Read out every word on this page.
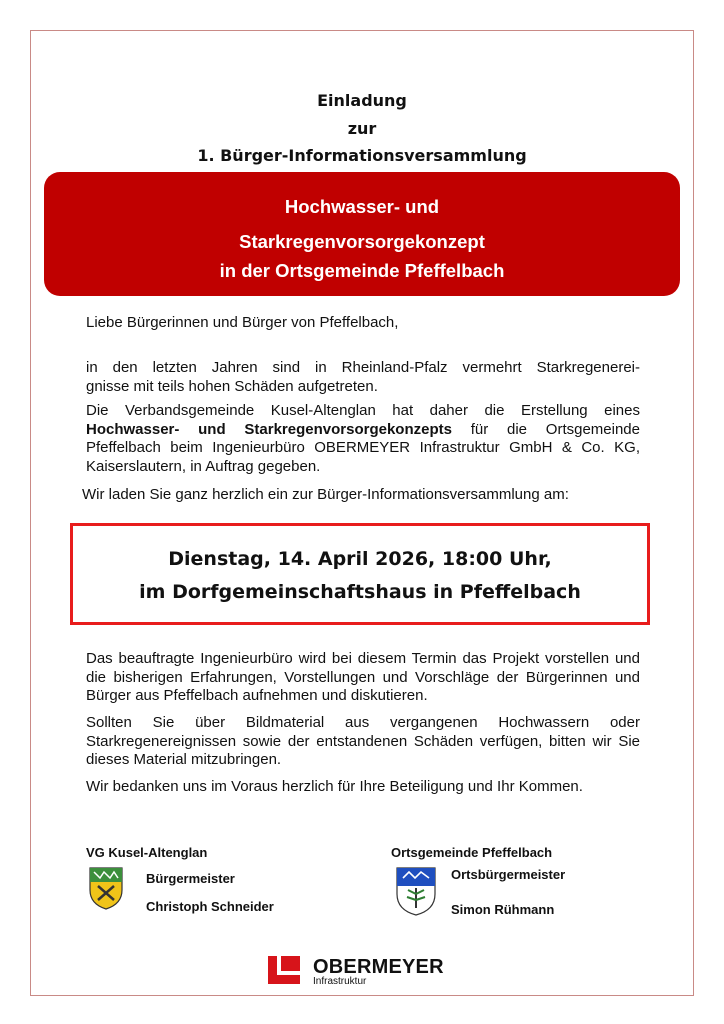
Einladung
zur
1. Bürger-Informationsversammlung
Hochwasser- und
Starkregenvorsorgekonzept
in der Ortsgemeinde Pfeffelbach
Liebe Bürgerinnen und Bürger von Pfeffelbach,
in den letzten Jahren sind in Rheinland-Pfalz vermehrt Starkregenerei-
gnisse mit teils hohen Schäden aufgetreten.
Die Verbandsgemeinde Kusel-Altenglan hat daher die Erstellung eines Hochwasser- und Starkregenvorsorgekonzepts für die Ortsgemeinde Pfeffelbach beim Ingenieurbüro OBERMEYER Infrastruktur GmbH & Co. KG, Kaiserslautern, in Auftrag gegeben.
Wir laden Sie ganz herzlich ein zur Bürger-Informationsversammlung am:
Dienstag, 14. April 2026, 18:00 Uhr,
im Dorfgemeinschaftshaus in Pfeffelbach
Das beauftragte Ingenieurbüro wird bei diesem Termin das Projekt vorstellen und die bisherigen Erfahrungen, Vorstellungen und Vorschläge der Bürgerinnen und Bürger aus Pfeffelbach aufnehmen und diskutieren.
Sollten Sie über Bildmaterial aus vergangenen Hochwassern oder Starkregenereignissen sowie der entstandenen Schäden verfügen, bitten wir Sie dieses Material mitzubringen.
Wir bedanken uns im Voraus herzlich für Ihre Beteiligung und Ihr Kommen.
VG Kusel-Altenglan
Bürgermeister
Christoph Schneider
Ortsgemeinde Pfeffelbach
Ortsbürgermeister
Simon Rühmann
OBERMEYER
Infrastruktur
